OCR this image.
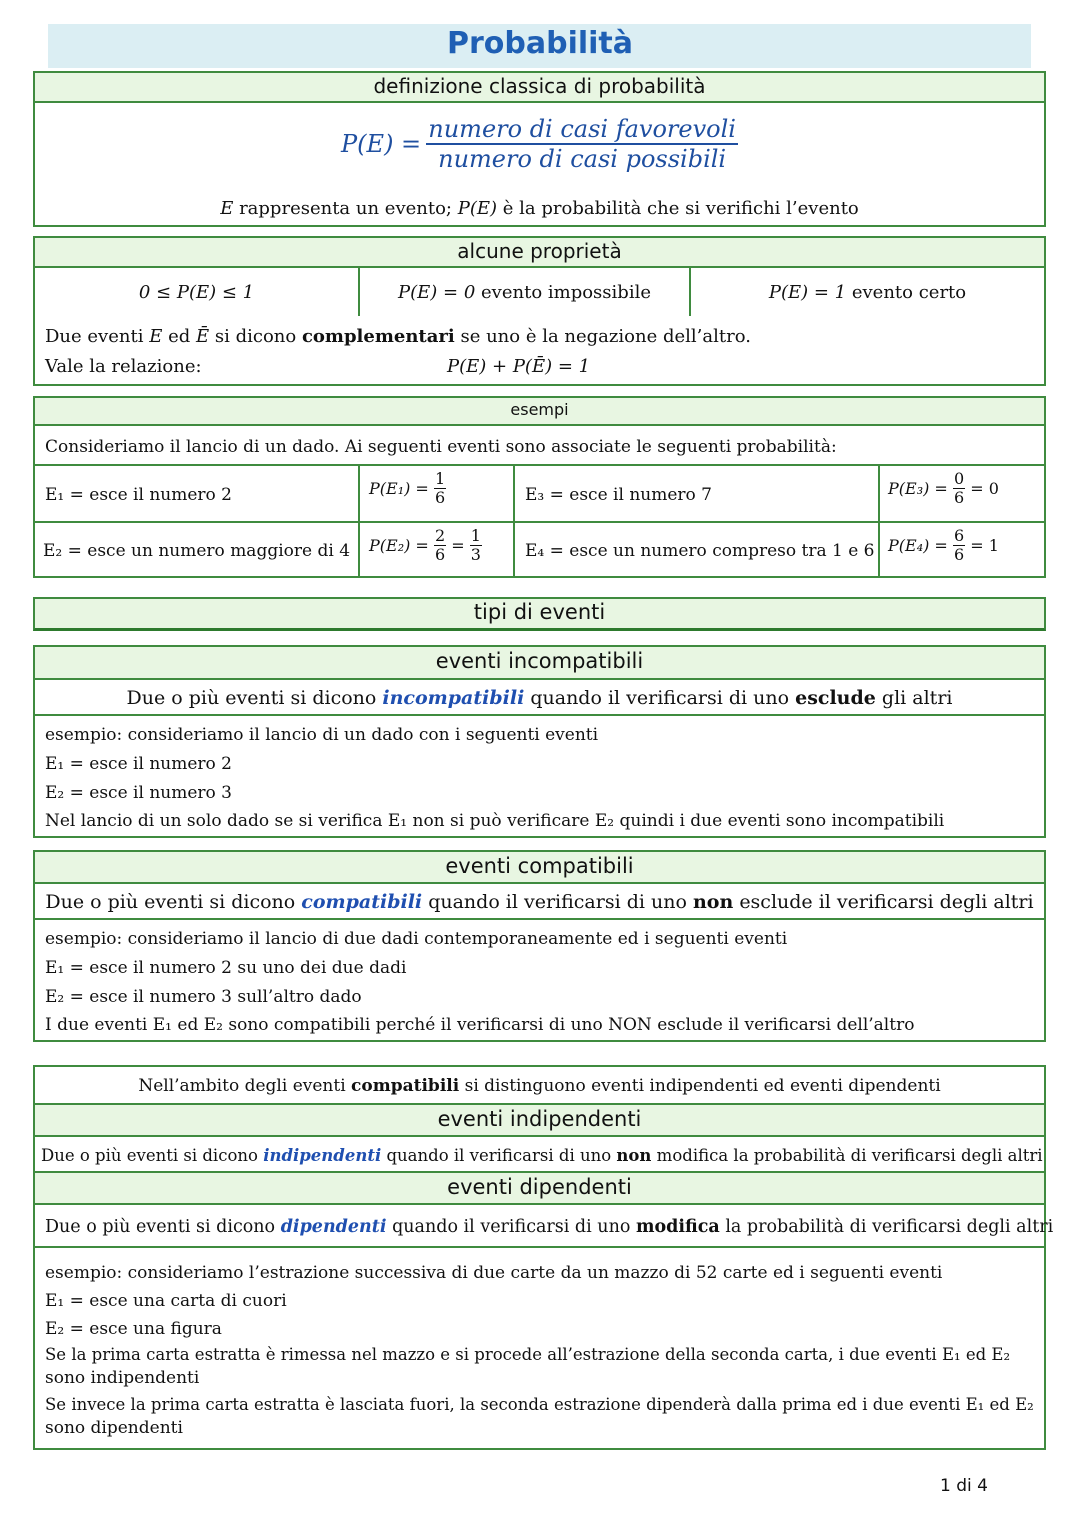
Probabilità
definizione classica di probabilità
$P(E) = \frac{\text{numero di casi favorevoli}}{\text{numero di casi possibili}}$
E rappresenta un evento; P(E) è la probabilità che si verifichi l’evento
alcune proprietà
0 ≤ P(E) ≤ 1	P(E) = 0 evento impossibile	P(E) = 1 evento certo
Due eventi E ed Ē si dicono complementari se uno è la negazione dell’altro.
Vale la relazione:	P(E) + P(Ē) = 1
esempi
Consideriamo il lancio di un dado. Ai seguenti eventi sono associate le seguenti probabilità:
E₁ = esce il numero 2	$P(E_1) = \frac{1}{6}$	E₃ = esce il numero 7	$P(E_3) = \frac{0}{6} = 0$
E₂ = esce un numero maggiore di 4 $P(E_2) = \frac{2}{6} = \frac{1}{3}$	E₄ = esce un numero compreso tra 1 e 6 $P(E_4) = \frac{6}{6} = 1$
tipi di eventi
eventi incompatibili
Due o più eventi si dicono incompatibili quando il verificarsi di uno esclude gli altri
esempio: consideriamo il lancio di un dado con i seguenti eventi
E₁ = esce il numero 2
E₂ = esce il numero 3
Nel lancio di un solo dado se si verifica E₁ non si può verificare E₂ quindi i due eventi sono incompatibili
eventi compatibili
Due o più eventi si dicono compatibili quando il verificarsi di uno non esclude il verificarsi degli altri
esempio: consideriamo il lancio di due dadi contemporaneamente ed i seguenti eventi
E₁ = esce il numero 2 su uno dei due dadi
E₂ = esce il numero 3 sull’altro dado
I due eventi E₁ ed E₂ sono compatibili perché il verificarsi di uno NON esclude il verificarsi dell’altro
Nell’ambito degli eventi compatibili si distinguono eventi indipendenti ed eventi dipendenti
eventi indipendenti
Due o più eventi si dicono indipendenti quando il verificarsi di uno non modifica la probabilità di verificarsi degli altri
eventi dipendenti
Due o più eventi si dicono dipendenti quando il verificarsi di uno modifica la probabilità di verificarsi degli altri
esempio: consideriamo l’estrazione successiva di due carte da un mazzo di 52 carte ed i seguenti eventi
E₁ = esce una carta di cuori
E₂ = esce una figura
Se la prima carta estratta è rimessa nel mazzo e si procede all’estrazione della seconda carta, i due eventi E₁ ed E₂
sono indipendenti
Se invece la prima carta estratta è lasciata fuori, la seconda estrazione dipenderà dalla prima ed i due eventi E₁ ed E₂
sono dipendenti
1 di 4
